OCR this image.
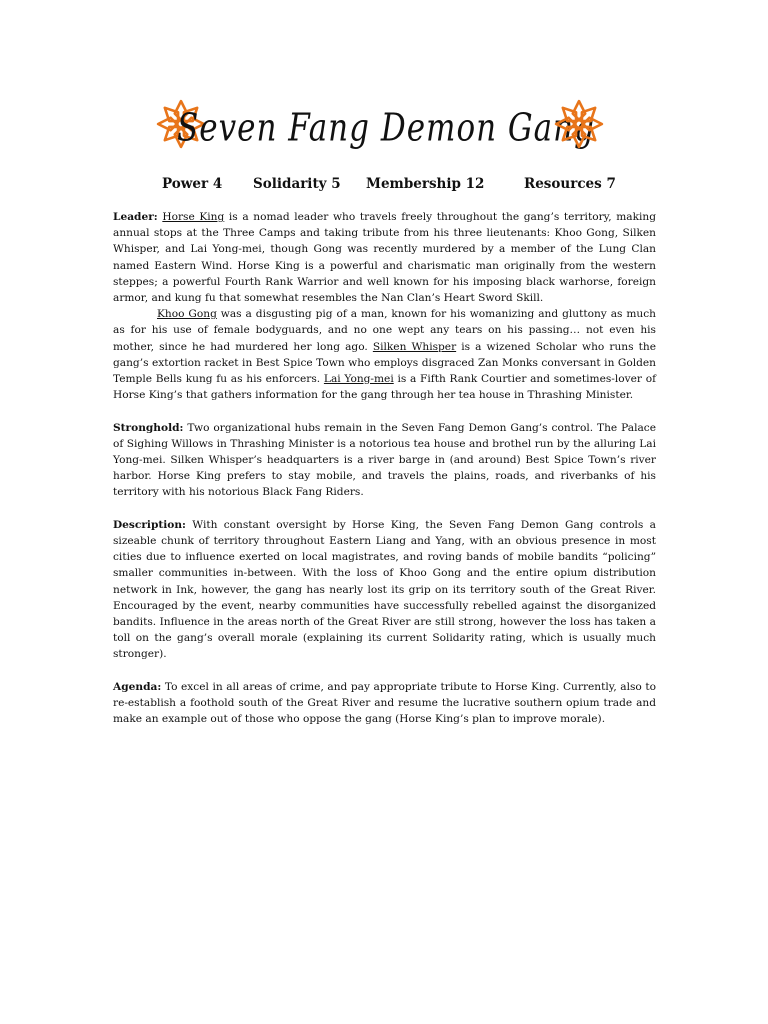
Seven Fang Demon Gang
Power 4 Solidarity 5 Membership 12	Resources 7

Leader: Horse King is a nomad leader who travels freely throughout the gang’s territory, making annual stops at the Three Camps and taking tribute from his three lieutenants: Khoo Gong, Silken Whisper, and Lai Yong-mei, though Gong was recently murdered by a member of the Lung Clan named Eastern Wind. Horse King is a powerful and charismatic man originally from the western steppes; a powerful Fourth Rank Warrior and well known for his imposing black warhorse, foreign armor, and kung fu that somewhat resembles the Nan Clan’s Heart Sword Skill.

Khoo Gong was a disgusting pig of a man, known for his womanizing and gluttony as much as for his use of female bodyguards, and no one wept any tears on his passing… not even his mother, since he had murdered her long ago. Silken Whisper is a wizened Scholar who runs the gang’s extortion racket in Best Spice Town who employs disgraced Zan Monks conversant in Golden Temple Bells kung fu as his enforcers. Lai Yong-mei is a Fifth Rank Courtier and sometimes-lover of Horse King’s that gathers information for the gang through her tea house in Thrashing Minister.

Stronghold: Two organizational hubs remain in the Seven Fang Demon Gang’s control. The Palace of Sighing Willows in Thrashing Minister is a notorious tea house and brothel run by the alluring Lai Yong-mei. Silken Whisper’s headquarters is a river barge in (and around) Best Spice Town’s river harbor. Horse King prefers to stay mobile, and travels the plains, roads, and riverbanks of his territory with his notorious Black Fang Riders.

Description: With constant oversight by Horse King, the Seven Fang Demon Gang controls a sizeable chunk of territory throughout Eastern Liang and Yang, with an obvious presence in most cities due to influence exerted on local magistrates, and roving bands of mobile bandits “policing” smaller communities in-between. With the loss of Khoo Gong and the entire opium distribution network in Ink, however, the gang has nearly lost its grip on its territory south of the Great River. Encouraged by the event, nearby communities have successfully rebelled against the disorganized bandits. Influence in the areas north of the Great River are still strong, however the loss has taken a toll on the gang’s overall morale (explaining its current Solidarity rating, which is usually much stronger).

Agenda: To excel in all areas of crime, and pay appropriate tribute to Horse King. Currently, also to re-establish a foothold south of the Great River and resume the lucrative southern opium trade and make an example out of those who oppose the gang (Horse King’s plan to improve morale).
